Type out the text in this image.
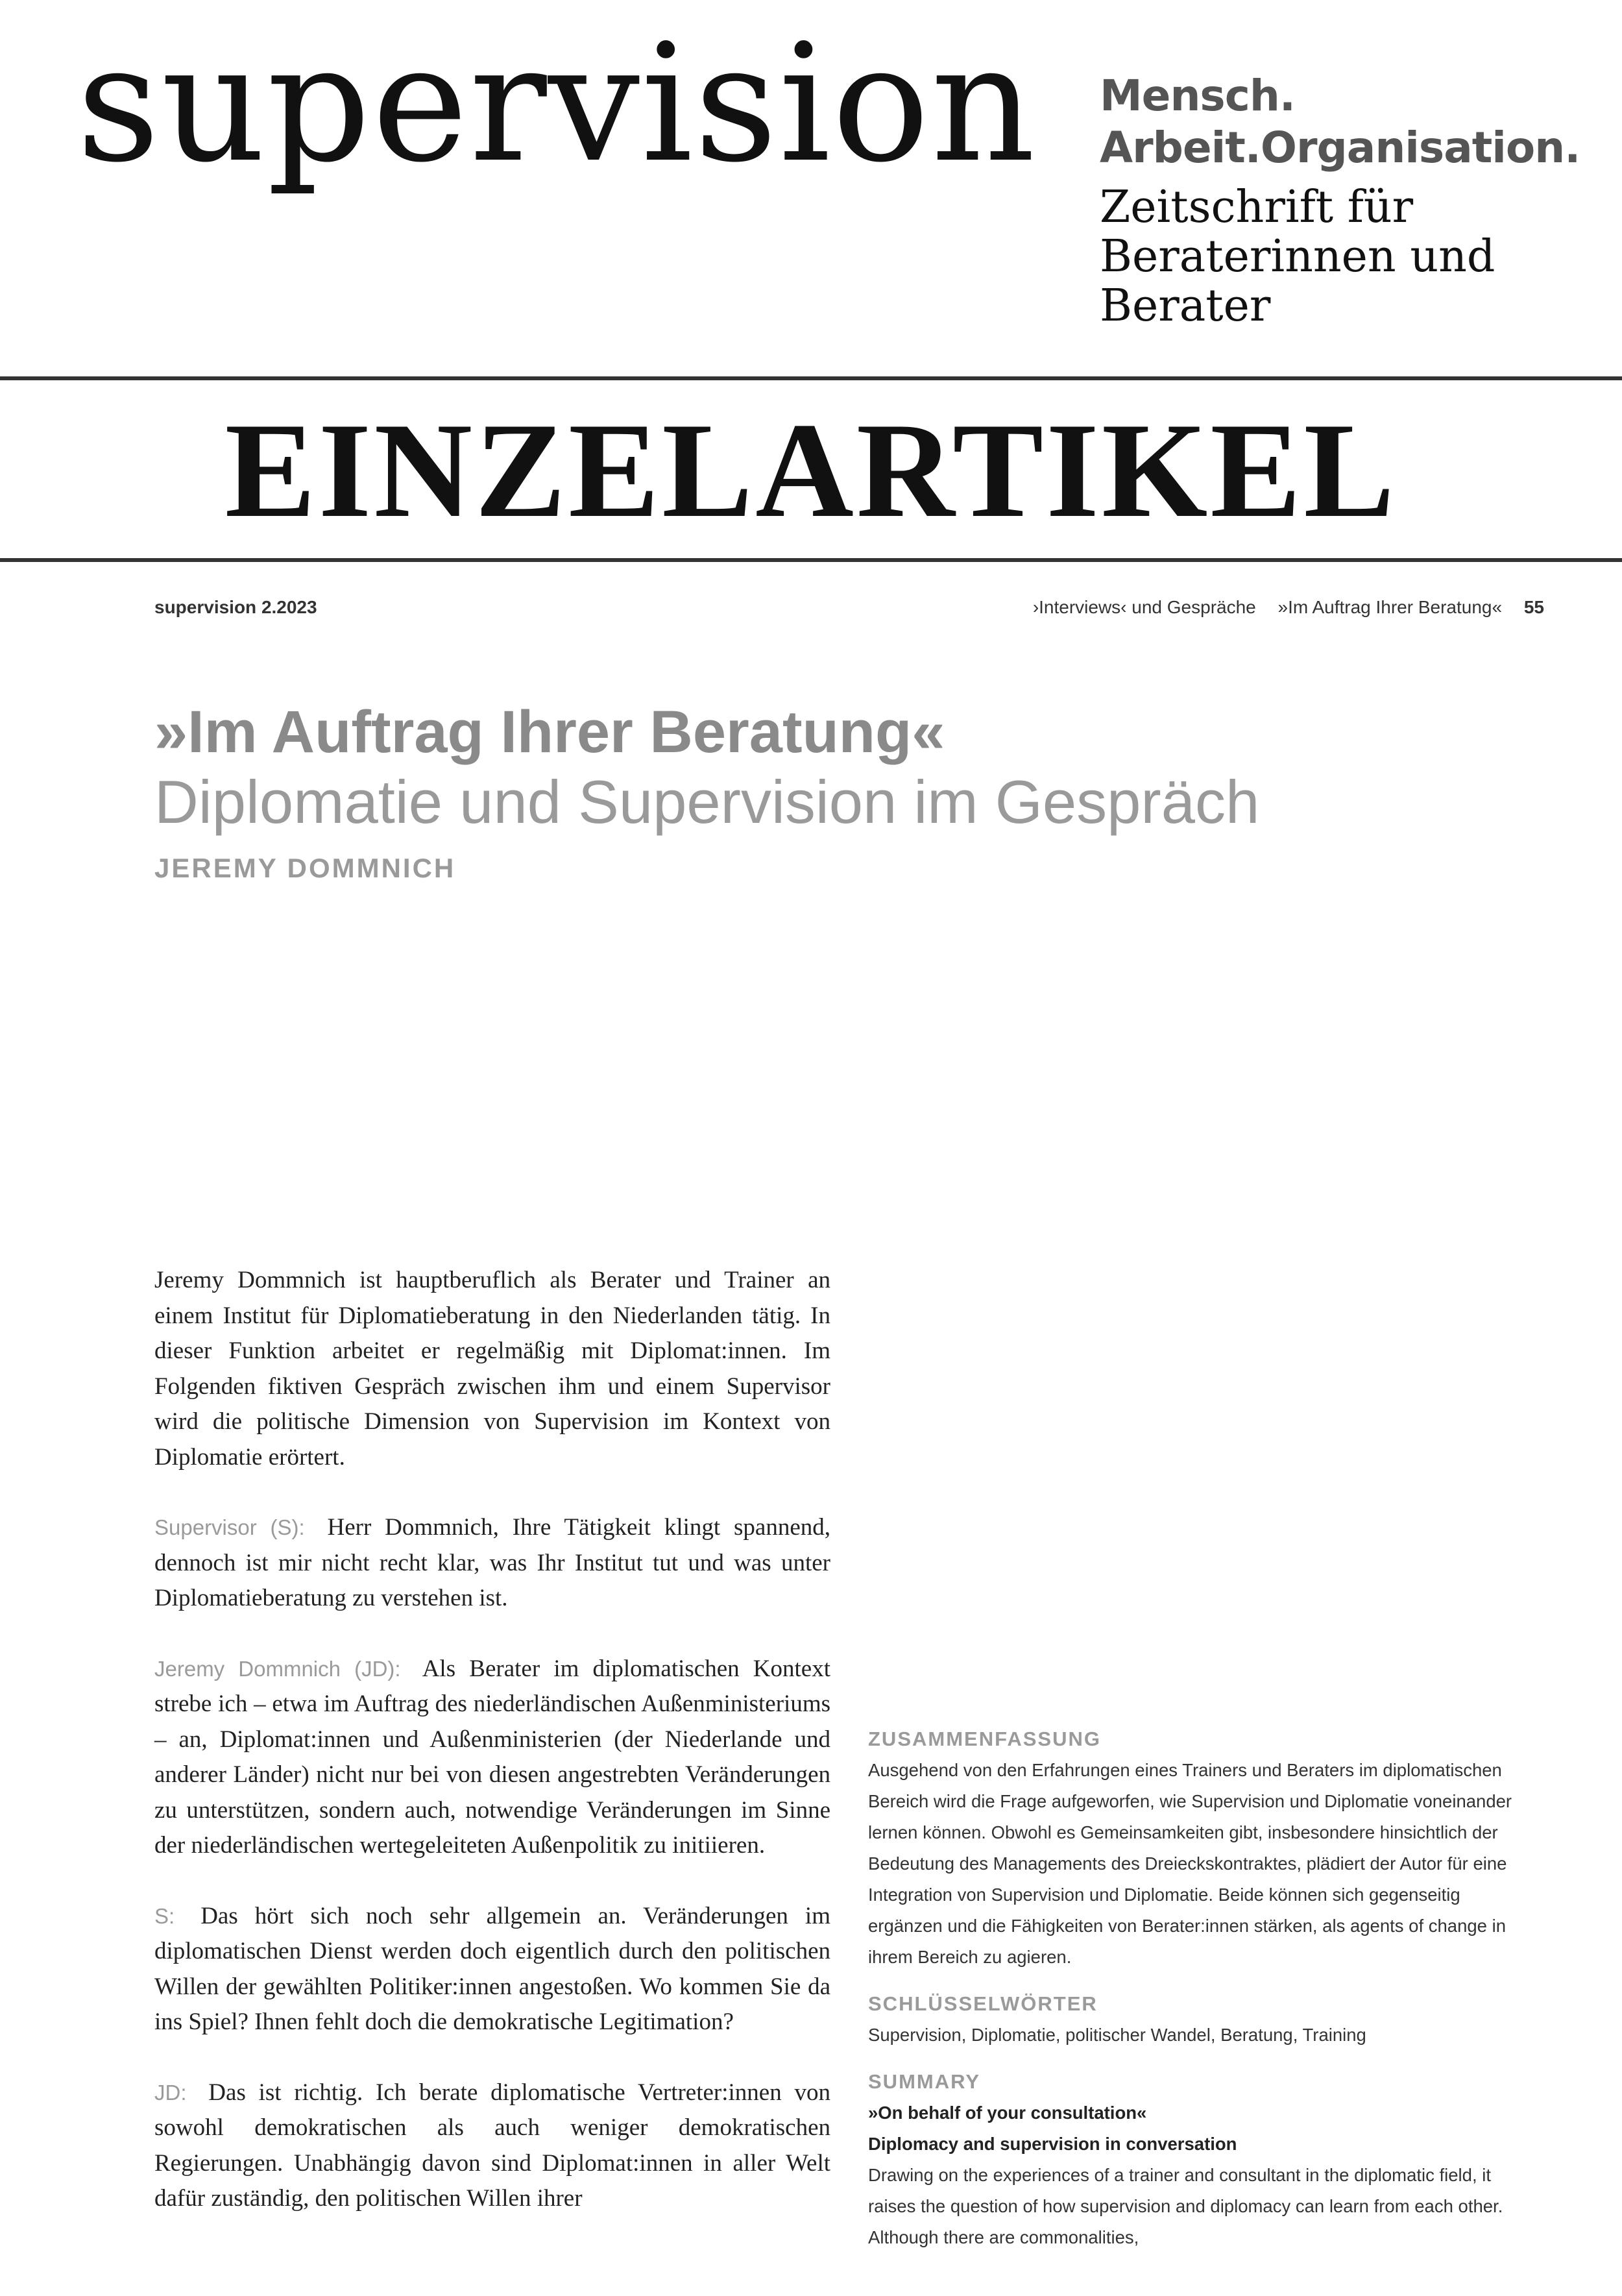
supervision Mensch.
Arbeit.Organisation.
Zeitschrift für
Beraterinnen und
Berater
EINZELARTIKEL
supervision 2.2023	›Interviews‹ und Gespräche »Im Auftrag Ihrer Beratung« 55
»Im Auftrag Ihrer Beratung«
Diplomatie und Supervision im Gespräch
JEREMY DOMMNICH

Jeremy Dommnich ist hauptberuflich als Berater und Trainer an einem Institut für Diplomatieberatung in den Niederlanden tätig. In dieser Funktion arbeitet er regelmäßig mit Diplomat:innen. Im Folgenden fiktiven Gespräch zwischen ihm und einem Supervisor wird die politische Dimension von Supervision im Kontext von Diplomatie erörtert.

Supervisor (S): Herr Dommnich, Ihre Tätigkeit klingt spannend, dennoch ist mir nicht recht klar, was Ihr Institut tut und was unter Diplomatieberatung zu verstehen ist.

Jeremy Dommnich (JD): Als Berater im diplomatischen Kontext strebe ich – etwa im Auftrag des niederländischen Außenministeriums – an, Diplomat:innen und Außenministerien (der Niederlande und anderer Länder) nicht nur bei von diesen angestrebten Veränderungen zu unterstützen, sondern auch, notwendige Veränderungen im Sinne der niederländischen wertegeleiteten Außenpolitik zu initiieren.

S: Das hört sich noch sehr allgemein an. Veränderungen im diplomatischen Dienst werden doch eigentlich durch den politischen Willen der gewählten Politiker:innen angestoßen. Wo kommen Sie da ins Spiel? Ihnen fehlt doch die demokratische Legitimation?

JD: Das ist richtig. Ich berate diplomatische Vertreter:innen von sowohl demokratischen als auch weniger demokratischen Regierungen. Unabhängig davon sind Diplomat:innen in aller Welt dafür zuständig, den politischen Willen ihrer

ZUSAMMENFASSUNG
Ausgehend von den Erfahrungen eines Trainers und Beraters im diplomatischen Bereich wird die Frage aufgeworfen, wie Supervision und Diplomatie voneinander lernen können. Obwohl es Gemeinsamkeiten gibt, insbesondere hinsichtlich der Bedeutung des Managements des Dreieckskontraktes, plädiert der Autor für eine Integration von Supervision und Diplomatie. Beide können sich gegenseitig ergänzen und die Fähigkeiten von Berater:innen stärken, als agents of change in ihrem Bereich zu agieren.
SCHLÜSSELWÖRTER
Supervision, Diplomatie, politischer Wandel, Beratung, Training
SUMMARY
»On behalf of your consultation«
Diplomacy and supervision in conversation
Drawing on the experiences of a trainer and consultant in the diplomatic field, it raises the question of how supervision and diplomacy can learn from each other. Although there are commonalities,
